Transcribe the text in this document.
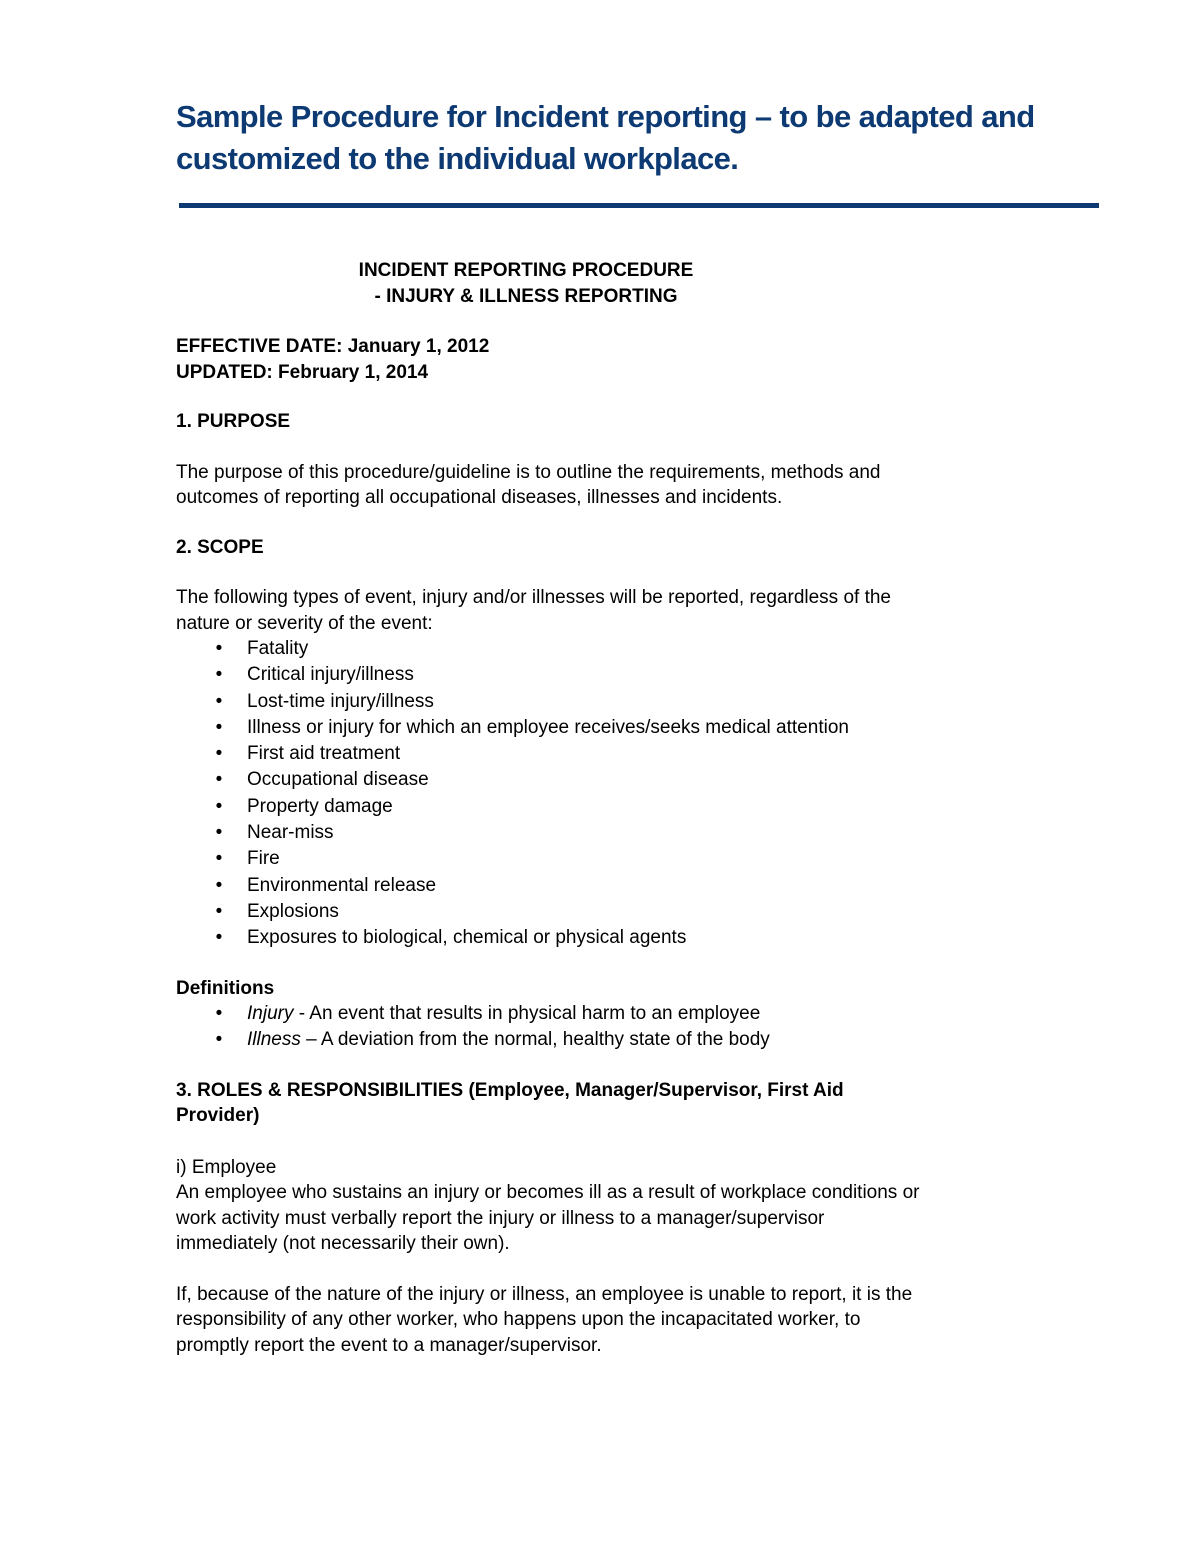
Sample Procedure for Incident reporting – to be adapted and
customized to the individual workplace.
INCIDENT REPORTING PROCEDURE
- INJURY & ILLNESS REPORTING
EFFECTIVE DATE: January 1, 2012
UPDATED: February 1, 2014
1. PURPOSE
The purpose of this procedure/guideline is to outline the requirements, methods and
outcomes of reporting all occupational diseases, illnesses and incidents.
2. SCOPE
The following types of event, injury and/or illnesses will be reported, regardless of the
nature or severity of the event:
• Fatality
• Critical injury/illness
• Lost-time injury/illness
• Illness or injury for which an employee receives/seeks medical attention
• First aid treatment
• Occupational disease
• Property damage
• Near-miss
• Fire
• Environmental release
• Explosions
• Exposures to biological, chemical or physical agents
Definitions
• Injury - An event that results in physical harm to an employee
• Illness – A deviation from the normal, healthy state of the body
3. ROLES & RESPONSIBILITIES (Employee, Manager/Supervisor, First Aid
Provider)
i) Employee
An employee who sustains an injury or becomes ill as a result of workplace conditions or
work activity must verbally report the injury or illness to a manager/supervisor
immediately (not necessarily their own).
If, because of the nature of the injury or illness, an employee is unable to report, it is the
responsibility of any other worker, who happens upon the incapacitated worker, to
promptly report the event to a manager/supervisor.
